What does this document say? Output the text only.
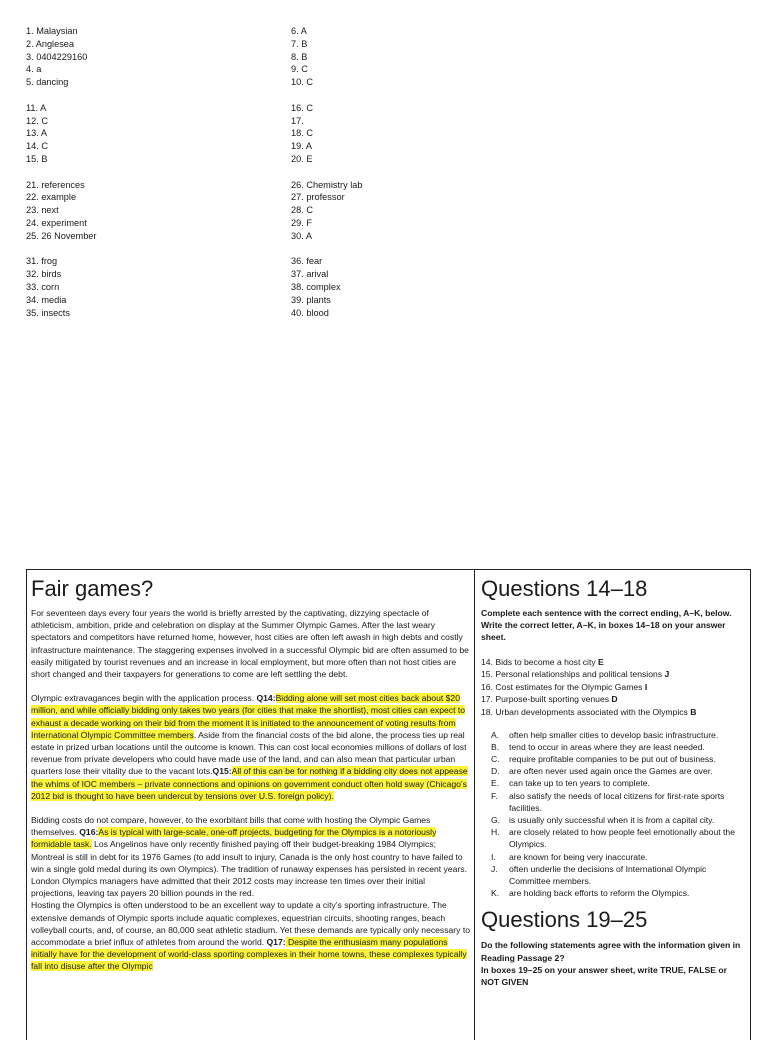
1. Malaysian
2. Anglesea
3. 0404229160
4. a
5. dancing
11. A
12. C
13. A
14. C
15. B
21. references
22. example
23. next
24. experiment
25. 26 November
31. frog
32. birds
33. corn
34. media
35. insects
6. A
7. B
8. B
9. C
10. C
16. C
17.
18. C
19. A
20. E
26. Chemistry lab
27. professor
28. C
29. F
30. A
36. fear
37. arival
38. complex
39. plants
40. blood
Fair games?

For seventeen days every four years the world is briefly arrested by the captivating, dizzying spectacle of athleticism, ambition, pride and celebration on display at the Summer Olympic Games. After the last weary spectators and competitors have returned home, however, host cities are often left awash in high debts and costly infrastructure maintenance. The staggering expenses involved in a successful Olympic bid are often assumed to be easily mitigated by tourist revenues and an increase in local employment, but more often than not host cities are short changed and their taxpayers for generations to come are left settling the debt.

Olympic extravagances begin with the application process. Q14:Bidding alone will set most cities back about $20 million, and while officially bidding only takes two years (for cities that make the shortlist), most cities can expect to exhaust a decade working on their bid from the moment it is initiated to the announcement of voting results from International Olympic Committee members. Aside from the financial costs of the bid alone, the process ties up real estate in prized urban locations until the outcome is known. This can cost local economies millions of dollars of lost revenue from private developers who could have made use of the land, and can also mean that particular urban quarters lose their vitality due to the vacant lots.Q15:All of this can be for nothing if a bidding city does not appease the whims of IOC members – private connections and opinions on government conduct often hold sway (Chicago’s 2012 bid is thought to have been undercut by tensions over U.S. foreign policy).

Bidding costs do not compare, however, to the exorbitant bills that come with hosting the Olympic Games themselves. Q16:As is typical with large-scale, one-off projects, budgeting for the Olympics is a notoriously formidable task. Los Angelinos have only recently finished paying off their budget-breaking 1984 Olympics; Montreal is still in debt for its 1976 Games (to add insult to injury, Canada is the only host country to have failed to win a single gold medal during its own Olympics). The tradition of runaway expenses has persisted in recent years. London Olympics managers have admitted that their 2012 costs may increase ten times over their initial projections, leaving tax payers 20 billion pounds in the red.

Hosting the Olympics is often understood to be an excellent way to update a city’s sporting infrastructure. The extensive demands of Olympic sports include aquatic complexes, equestrian circuits, shooting ranges, beach volleyball courts, and, of course, an 80,000 seat athletic stadium. Yet these demands are typically only necessary to accommodate a brief influx of athletes from around the world. Q17: Despite the enthusiasm many populations initially have for the development of world-class sporting complexes in their home towns, these complexes typically fall into disuse after the Olympic

Questions 14–18
Complete each sentence with the correct ending, A–K, below.
Write the correct letter, A–K, in boxes 14–18 on your answer sheet.
14. Bids to become a host city E
15. Personal relationships and political tensions J
16. Cost estimates for the Olympic Games I
17. Purpose-built sporting venues D
18. Urban developments associated with the Olympics B
A.	often help smaller cities to develop basic infrastructure.
B.	tend to occur in areas where they are least needed.
C.	require profitable companies to be put out of business.
D.	are often never used again once the Games are over.
E.	can take up to ten years to complete.
F.	also satisfy the needs of local citizens for first-rate sports facilities.
G.	is usually only successful when it is from a capital city.
H.	are closely related to how people feel emotionally about the Olympics.
I.	are known for being very inaccurate.
J.	often underlie the decisions of International Olympic Committee members.
K.	are holding back efforts to reform the Olympics.
Questions 19–25
Do the following statements agree with the information given in Reading Passage 2?
In boxes 19–25 on your answer sheet, write TRUE, FALSE or NOT GIVEN
